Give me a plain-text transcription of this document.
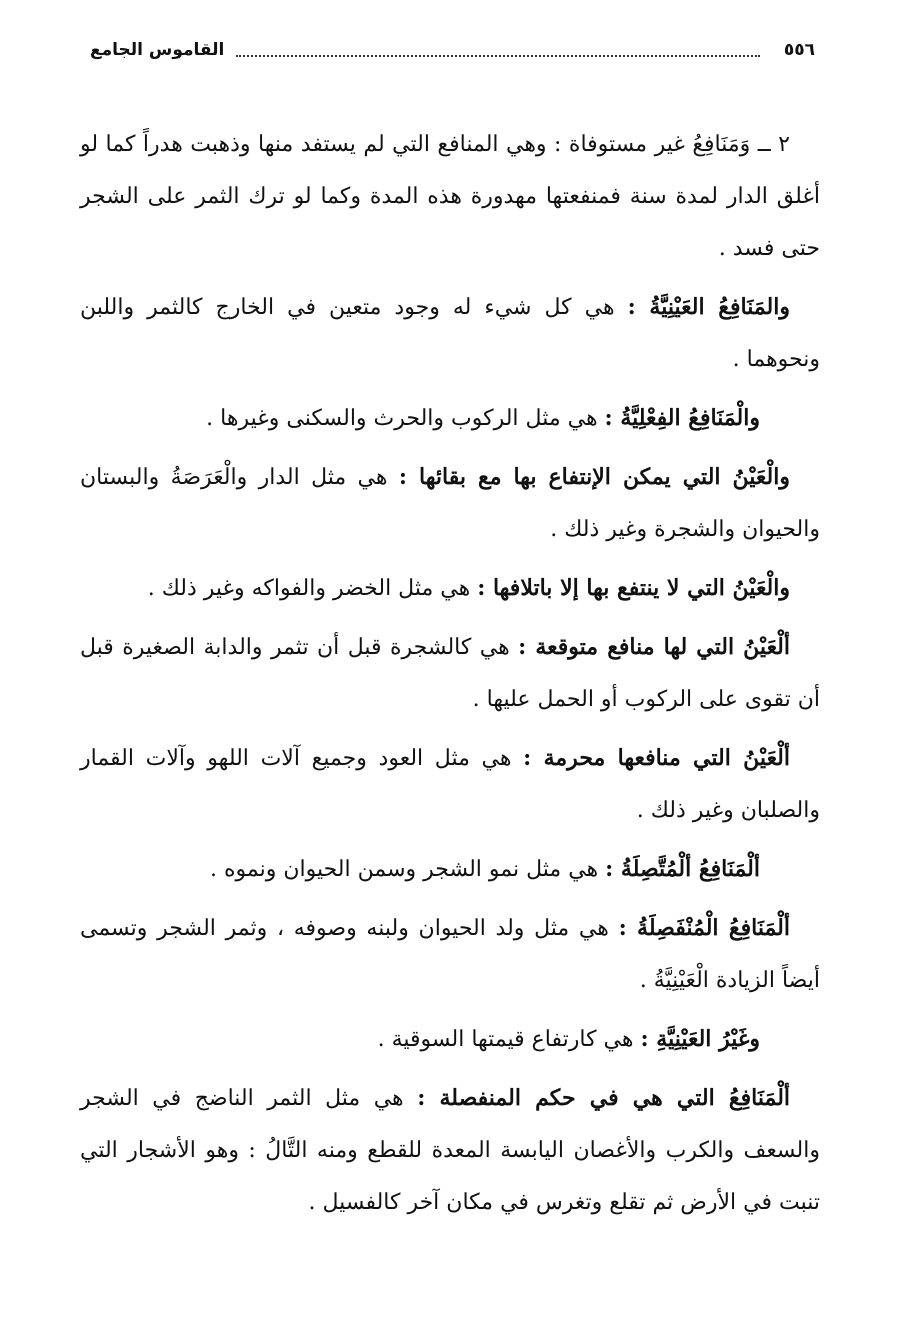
٥٥٦
القاموس الجامع

٢ ــ وَمَنَافِعُ غير مستوفاة : وهي المنافع التي لم يستفد منها وذهبت هدراً كما لو أغلق الدار لمدة سنة فمنفعتها مهدورة هذه المدة وكما لو ترك الثمر على الشجر حتى فسد .

والمَنَافِعُ العَيْنِيَّةُ : هي كل شيء له وجود متعين في الخارج كالثمر واللبن ونحوهما .

والْمَنَافِعُ الفِعْلِيَّةُ : هي مثل الركوب والحرث والسكنى وغيرها .

والْعَيْنُ التي يمكن الإنتفاع بها مع بقائها : هي مثل الدار والْعَرَصَةُ والبستان والحيوان والشجرة وغير ذلك .

والْعَيْنُ التي لا ينتفع بها إلا باتلافها : هي مثل الخضر والفواكه وغير ذلك .

ألْعَيْنُ التي لها منافع متوقعة : هي كالشجرة قبل أن تثمر والدابة الصغيرة قبل أن تقوى على الركوب أو الحمل عليها .

ألْعَيْنُ التي منافعها محرمة : هي مثل العود وجميع آلات اللهو وآلات القمار والصلبان وغير ذلك .

ألْمَنَافِعُ ألْمُتَّصِلَةُ : هي مثل نمو الشجر وسمن الحيوان ونموه .

ألْمَنَافِعُ الْمُنْفَصِلَةُ : هي مثل ولد الحيوان ولبنه وصوفه ، وثمر الشجر وتسمى أيضاً الزيادة الْعَيْنِيَّةُ .

وغَيْرُ العَيْنِيَّةِ : هي كارتفاع قيمتها السوقية .

ألْمَنَافِعُ التي هي في حكم المنفصلة : هي مثل الثمر الناضج في الشجر والسعف والكرب والأغصان اليابسة المعدة للقطع ومنه التَّالُ : وهو الأشجار التي تنبت في الأرض ثم تقلع وتغرس في مكان آخر كالفسيل .
